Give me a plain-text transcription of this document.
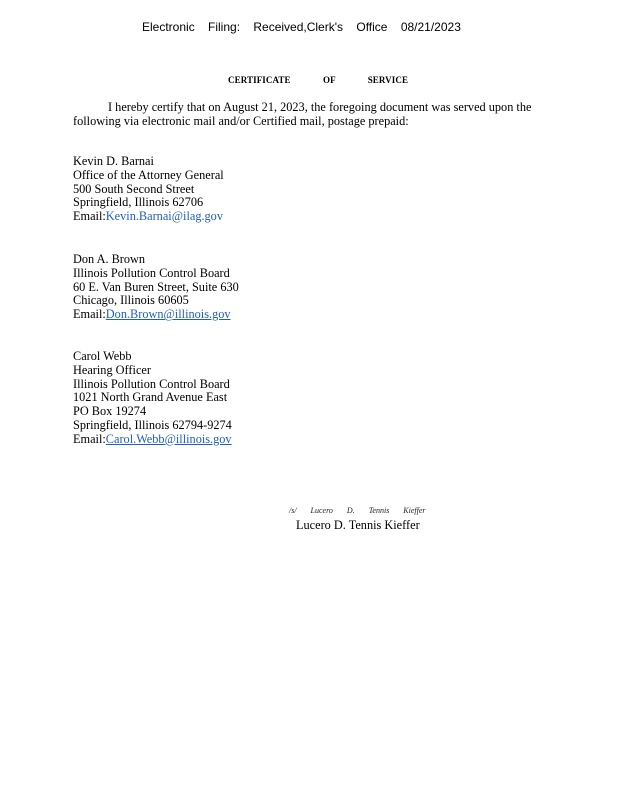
Electronic Filing: Received,Clerk's Office 08/21/2023
CERTIFICATE OF SERVICE
I hereby certify that on August 21, 2023, the foregoing document was served upon the following via electronic mail and/or Certified mail, postage prepaid:
Kevin D. Barnai
Office of the Attorney General
500 South Second Street
Springfield, Illinois 62706
Email:Kevin.Barnai@ilag.gov
Don A. Brown
Illinois Pollution Control Board
60 E. Van Buren Street, Suite 630
Chicago, Illinois 60605
Email:Don.Brown@illinois.gov
Carol Webb
Hearing Officer
Illinois Pollution Control Board
1021 North Grand Avenue East
PO Box 19274
Springfield, Illinois 62794-9274
Email:Carol.Webb@illinois.gov
/s/ Lucero D. Tennis Kieffer
Lucero D. Tennis Kieffer
